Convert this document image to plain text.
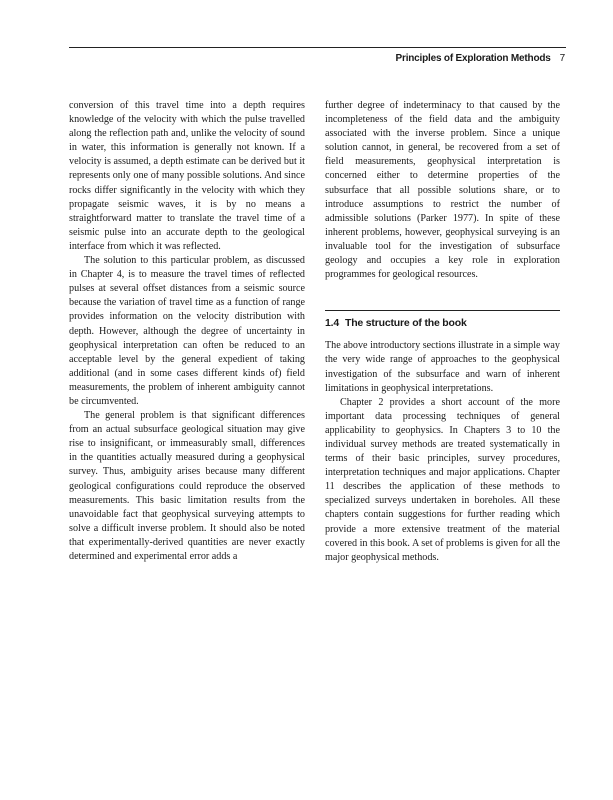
Principles of Exploration Methods 7

conversion of this travel time into a depth requires knowledge of the velocity with which the pulse travelled along the reflection path and, unlike the velocity of sound in water, this information is generally not known. If a velocity is assumed, a depth estimate can be derived but it represents only one of many possible solutions. And since rocks differ significantly in the velocity with which they propagate seismic waves, it is by no means a straightforward matter to translate the travel time of a seismic pulse into an accurate depth to the geological interface from which it was reflected.

The solution to this particular problem, as discussed in Chapter 4, is to measure the travel times of reflected pulses at several offset distances from a seismic source because the variation of travel time as a function of range provides information on the velocity distribution with depth. However, although the degree of uncertainty in geophysical interpretation can often be reduced to an acceptable level by the general expedient of taking additional (and in some cases different kinds of) field measurements, the problem of inherent ambiguity cannot be circumvented.

The general problem is that significant differences from an actual subsurface geological situation may give rise to insignificant, or immeasurably small, differences in the quantities actually measured during a geophysical survey. Thus, ambiguity arises because many different geological configurations could reproduce the observed measurements. This basic limitation results from the unavoidable fact that geophysical surveying attempts to solve a difficult inverse problem. It should also be noted that experimentally-derived quantities are never exactly determined and experimental error adds a

further degree of indeterminacy to that caused by the incompleteness of the field data and the ambiguity associated with the inverse problem. Since a unique solution cannot, in general, be recovered from a set of field measurements, geophysical interpretation is concerned either to determine properties of the subsurface that all possible solutions share, or to introduce assumptions to restrict the number of admissible solutions (Parker 1977). In spite of these inherent problems, however, geophysical surveying is an invaluable tool for the investigation of subsurface geology and occupies a key role in exploration programmes for geological resources.

1.4 The structure of the book

The above introductory sections illustrate in a simple way the very wide range of approaches to the geophysical investigation of the subsurface and warn of inherent limitations in geophysical interpretations.

Chapter 2 provides a short account of the more important data processing techniques of general applicability to geophysics. In Chapters 3 to 10 the individual survey methods are treated systematically in terms of their basic principles, survey procedures, interpretation techniques and major applications. Chapter 11 describes the application of these methods to specialized surveys undertaken in boreholes. All these chapters contain suggestions for further reading which provide a more extensive treatment of the material covered in this book. A set of problems is given for all the major geophysical methods.
